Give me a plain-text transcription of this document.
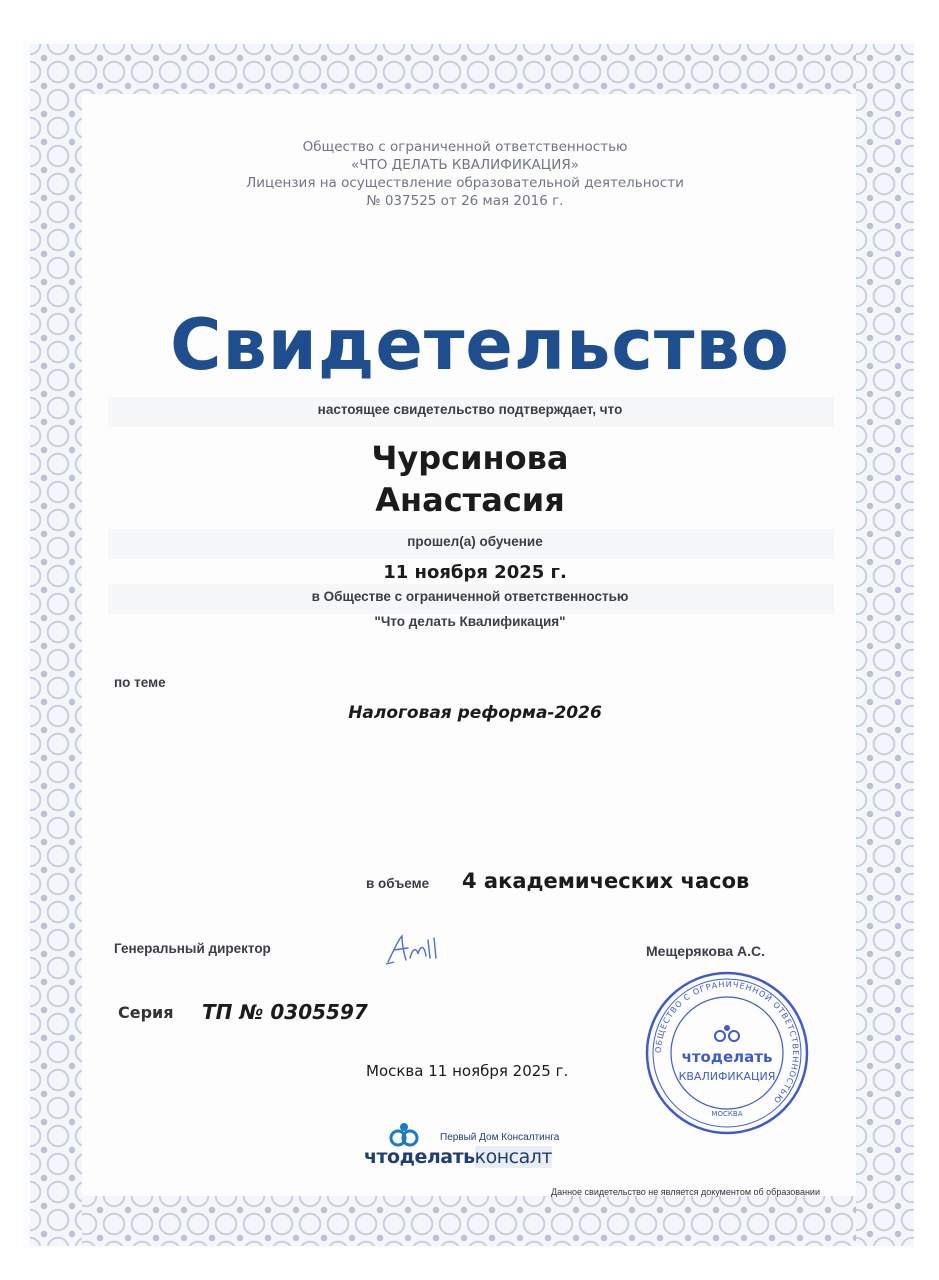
Общество с ограниченной ответственностью
«ЧТО ДЕЛАТЬ КВАЛИФИКАЦИЯ»
Лицензия на осуществление образовательной деятельности
№ 037525 от 26 мая 2016 г.
Свидетельство
настоящее свидетельство подтверждает, что
Чурсинова
Анастасия
прошел(а) обучение
11 ноября 2025 г.
в Обществе с ограниченной ответственностью
"Что делать Квалификация"
по теме
Налоговая реформа-2026
в объеме 4 академических часов
Генеральный директор	Мещерякова А.С.
Серия ТП № 0305597
ОБЩЕСТВО С ОГРАНИЧЕННОЙ ОТВЕТСТВЕННОСТЬЮ
МОСКВА
чтоделать
КВАЛИФИКАЦИЯ
Москва 11 ноября 2025 г.
Первый Дом Консалтинга
чтоделатьконсалт
Данное свидетельство не является документом об образовании
